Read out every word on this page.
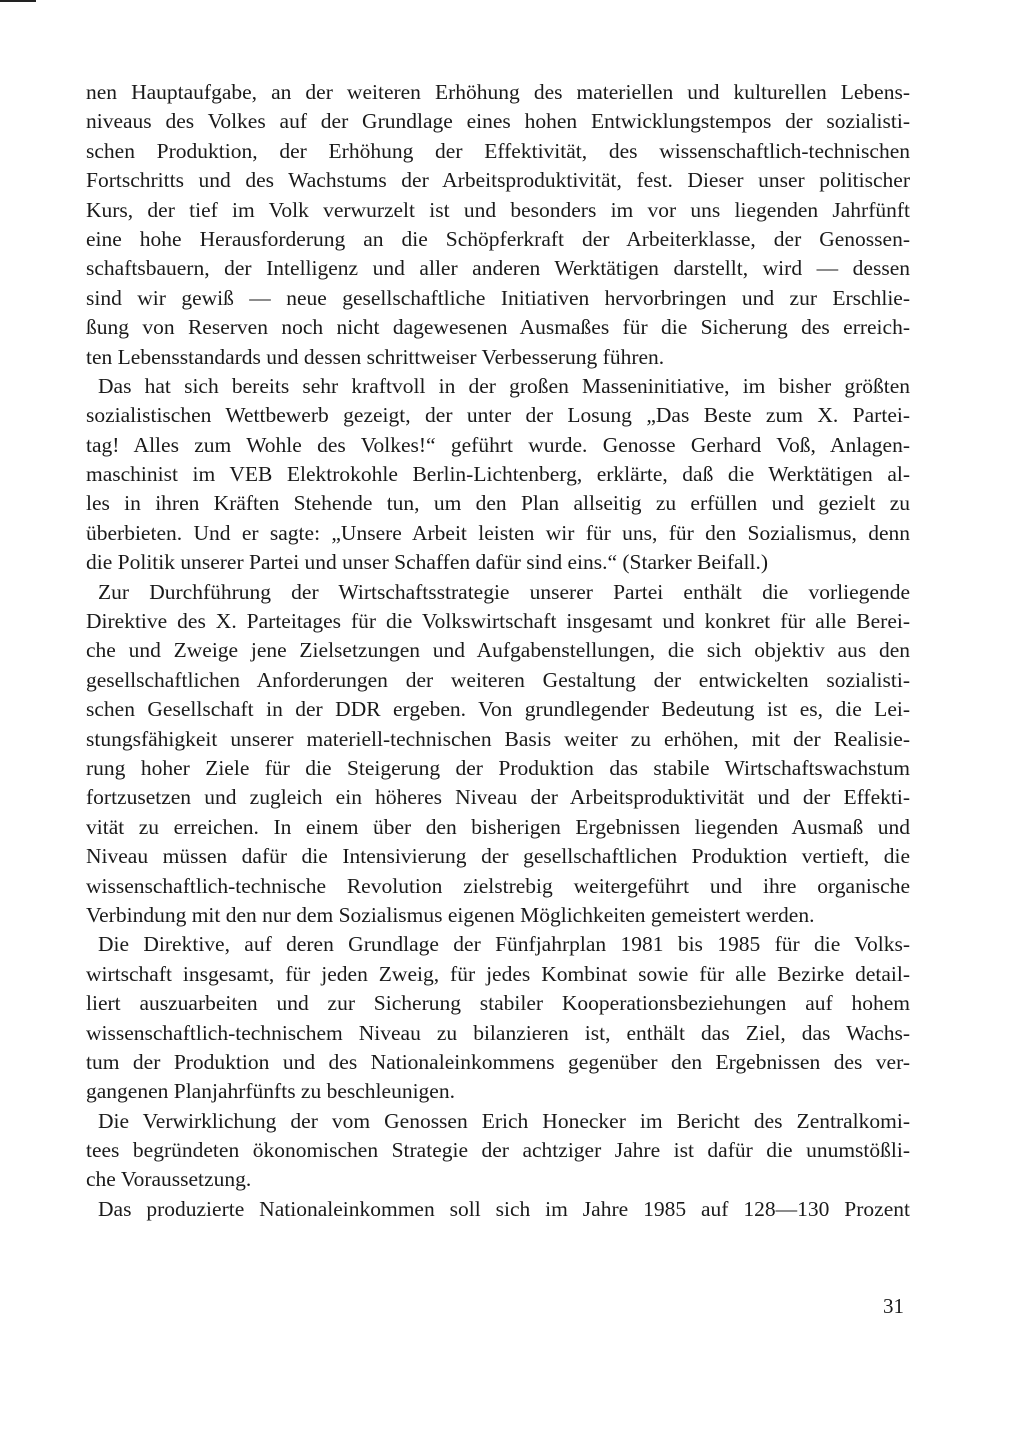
nen Hauptaufgabe, an der weiteren Erhöhung des materiellen und kulturellen Lebens-
niveaus des Volkes auf der Grundlage eines hohen Entwicklungstempos der sozialisti-
schen Produktion, der Erhöhung der Effektivität, des wissenschaftlich-technischen
Fortschritts und des Wachstums der Arbeitsproduktivität, fest. Dieser unser politischer
Kurs, der tief im Volk verwurzelt ist und besonders im vor uns liegenden Jahrfünft
eine hohe Herausforderung an die Schöpferkraft der Arbeiterklasse, der Genossen-
schaftsbauern, der Intelligenz und aller anderen Werktätigen darstellt, wird — dessen
sind wir gewiß — neue gesellschaftliche Initiativen hervorbringen und zur Erschlie-
ßung von Reserven noch nicht dagewesenen Ausmaßes für die Sicherung des erreich-
ten Lebensstandards und dessen schrittweiser Verbesserung führen.
Das hat sich bereits sehr kraftvoll in der großen Masseninitiative, im bisher größten
sozialistischen Wettbewerb gezeigt, der unter der Losung „Das Beste zum X. Partei-
tag! Alles zum Wohle des Volkes!“ geführt wurde. Genosse Gerhard Voß, Anlagen-
maschinist im VEB Elektrokohle Berlin-Lichtenberg, erklärte, daß die Werktätigen al-
les in ihren Kräften Stehende tun, um den Plan allseitig zu erfüllen und gezielt zu
überbieten. Und er sagte: „Unsere Arbeit leisten wir für uns, für den Sozialismus, denn
die Politik unserer Partei und unser Schaffen dafür sind eins.“ (Starker Beifall.)
Zur Durchführung der Wirtschaftsstrategie unserer Partei enthält die vorliegende
Direktive des X. Parteitages für die Volkswirtschaft insgesamt und konkret für alle Berei-
che und Zweige jene Zielsetzungen und Aufgabenstellungen, die sich objektiv aus den
gesellschaftlichen Anforderungen der weiteren Gestaltung der entwickelten sozialisti-
schen Gesellschaft in der DDR ergeben. Von grundlegender Bedeutung ist es, die Lei-
stungsfähigkeit unserer materiell-technischen Basis weiter zu erhöhen, mit der Realisie-
rung hoher Ziele für die Steigerung der Produktion das stabile Wirtschaftswachstum
fortzusetzen und zugleich ein höheres Niveau der Arbeitsproduktivität und der Effekti-
vität zu erreichen. In einem über den bisherigen Ergebnissen liegenden Ausmaß und
Niveau müssen dafür die Intensivierung der gesellschaftlichen Produktion vertieft, die
wissenschaftlich-technische Revolution zielstrebig weitergeführt und ihre organische
Verbindung mit den nur dem Sozialismus eigenen Möglichkeiten gemeistert werden.
Die Direktive, auf deren Grundlage der Fünfjahrplan 1981 bis 1985 für die Volks-
wirtschaft insgesamt, für jeden Zweig, für jedes Kombinat sowie für alle Bezirke detail-
liert auszuarbeiten und zur Sicherung stabiler Kooperationsbeziehungen auf hohem
wissenschaftlich-technischem Niveau zu bilanzieren ist, enthält das Ziel, das Wachs-
tum der Produktion und des Nationaleinkommens gegenüber den Ergebnissen des ver-
gangenen Planjahrfünfts zu beschleunigen.
Die Verwirklichung der vom Genossen Erich Honecker im Bericht des Zentralkomi-
tees begründeten ökonomischen Strategie der achtziger Jahre ist dafür die unumstößli-
che Voraussetzung.
Das produzierte Nationaleinkommen soll sich im Jahre 1985 auf 128—130 Prozent
31
